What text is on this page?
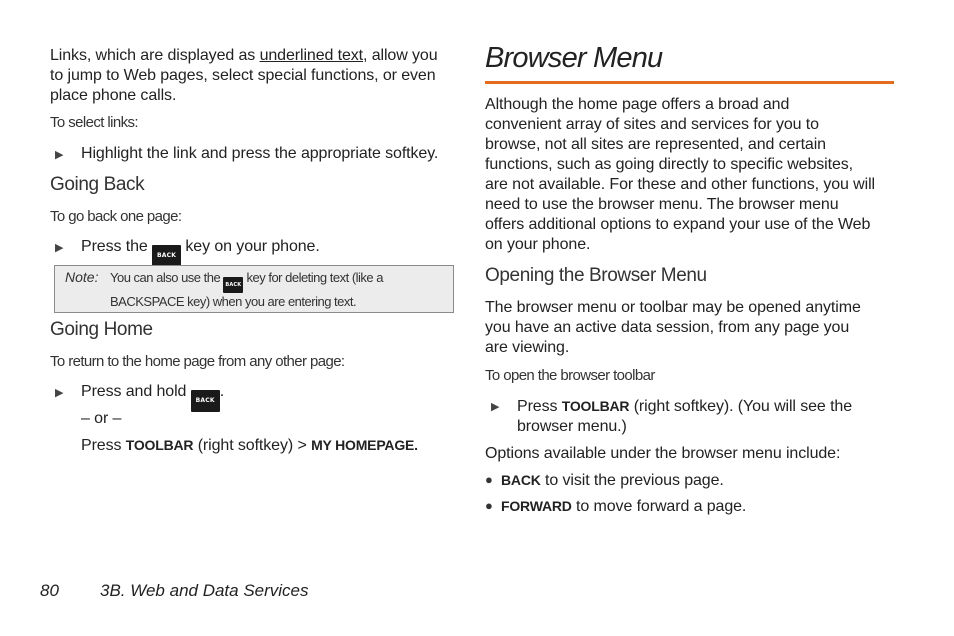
Links, which are displayed as underlined text, allow you
to jump to Web pages, select special functions, or even
place phone calls.
To select links:
▶ Highlight the link and press the appropriate softkey.
Going Back
To go back one page:
▶ Press the BACK key on your phone.
Note: You can also use the BACK key for deleting text (like a
BACKSPACE key) when you are entering text.
Going Home
To return to the home page from any other page:
▶ Press and hold BACK.
– or –
Press TOOLBAR (right softkey) > MY HOMEPAGE.
Browser Menu
Although the home page offers a broad and
convenient array of sites and services for you to
browse, not all sites are represented, and certain
functions, such as going directly to specific websites,
are not available. For these and other functions, you will
need to use the browser menu. The browser menu
offers additional options to expand your use of the Web
on your phone.
Opening the Browser Menu
The browser menu or toolbar may be opened anytime
you have an active data session, from any page you
are viewing.
To open the browser toolbar
▶ Press TOOLBAR (right softkey). (You will see the
browser menu.)
Options available under the browser menu include:
● BACK to visit the previous page.
● FORWARD to move forward a page.
80 3B. Web and Data Services
